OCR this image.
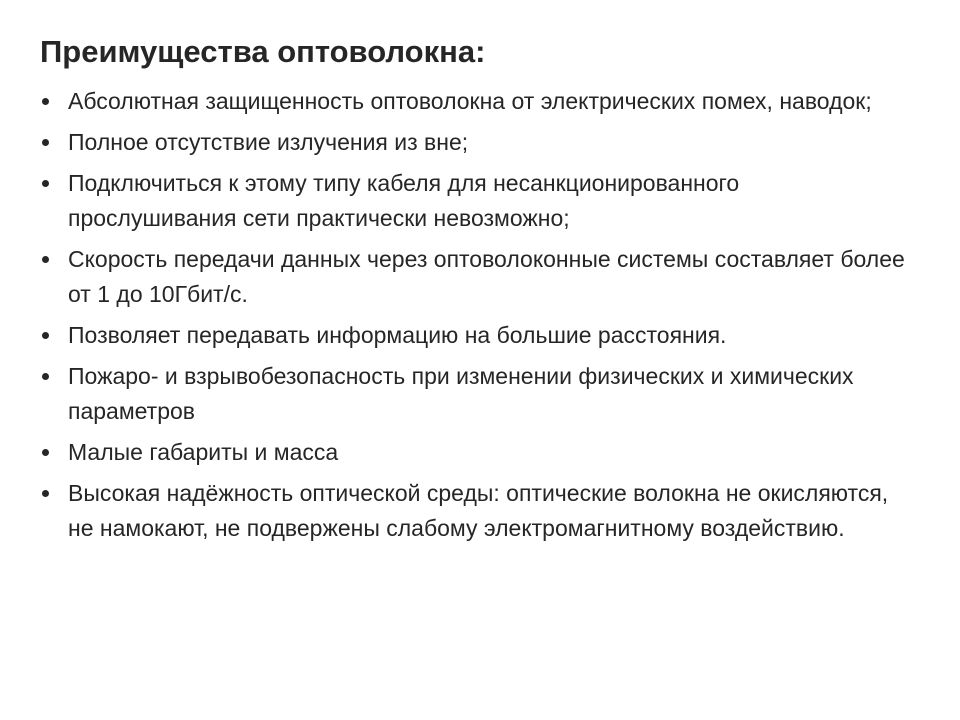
Преимущества оптоволокна:
Абсолютная защищенность оптоволокна от электрических помех, наводок;
Полное отсутствие излучения из вне;
Подключиться к этому типу кабеля для несанкционированного прослушивания сети практически невозможно;
Скорость передачи данных через оптоволоконные системы составляет более от 1 до 10Гбит/с.
Позволяет передавать информацию на большие расстояния.
Пожаро- и взрывобезопасность при изменении физических и химических параметров
Малые габариты и масса
Высокая надёжность оптической среды: оптические волокна не окисляются, не намокают, не подвержены слабому электромагнитному воздействию.
